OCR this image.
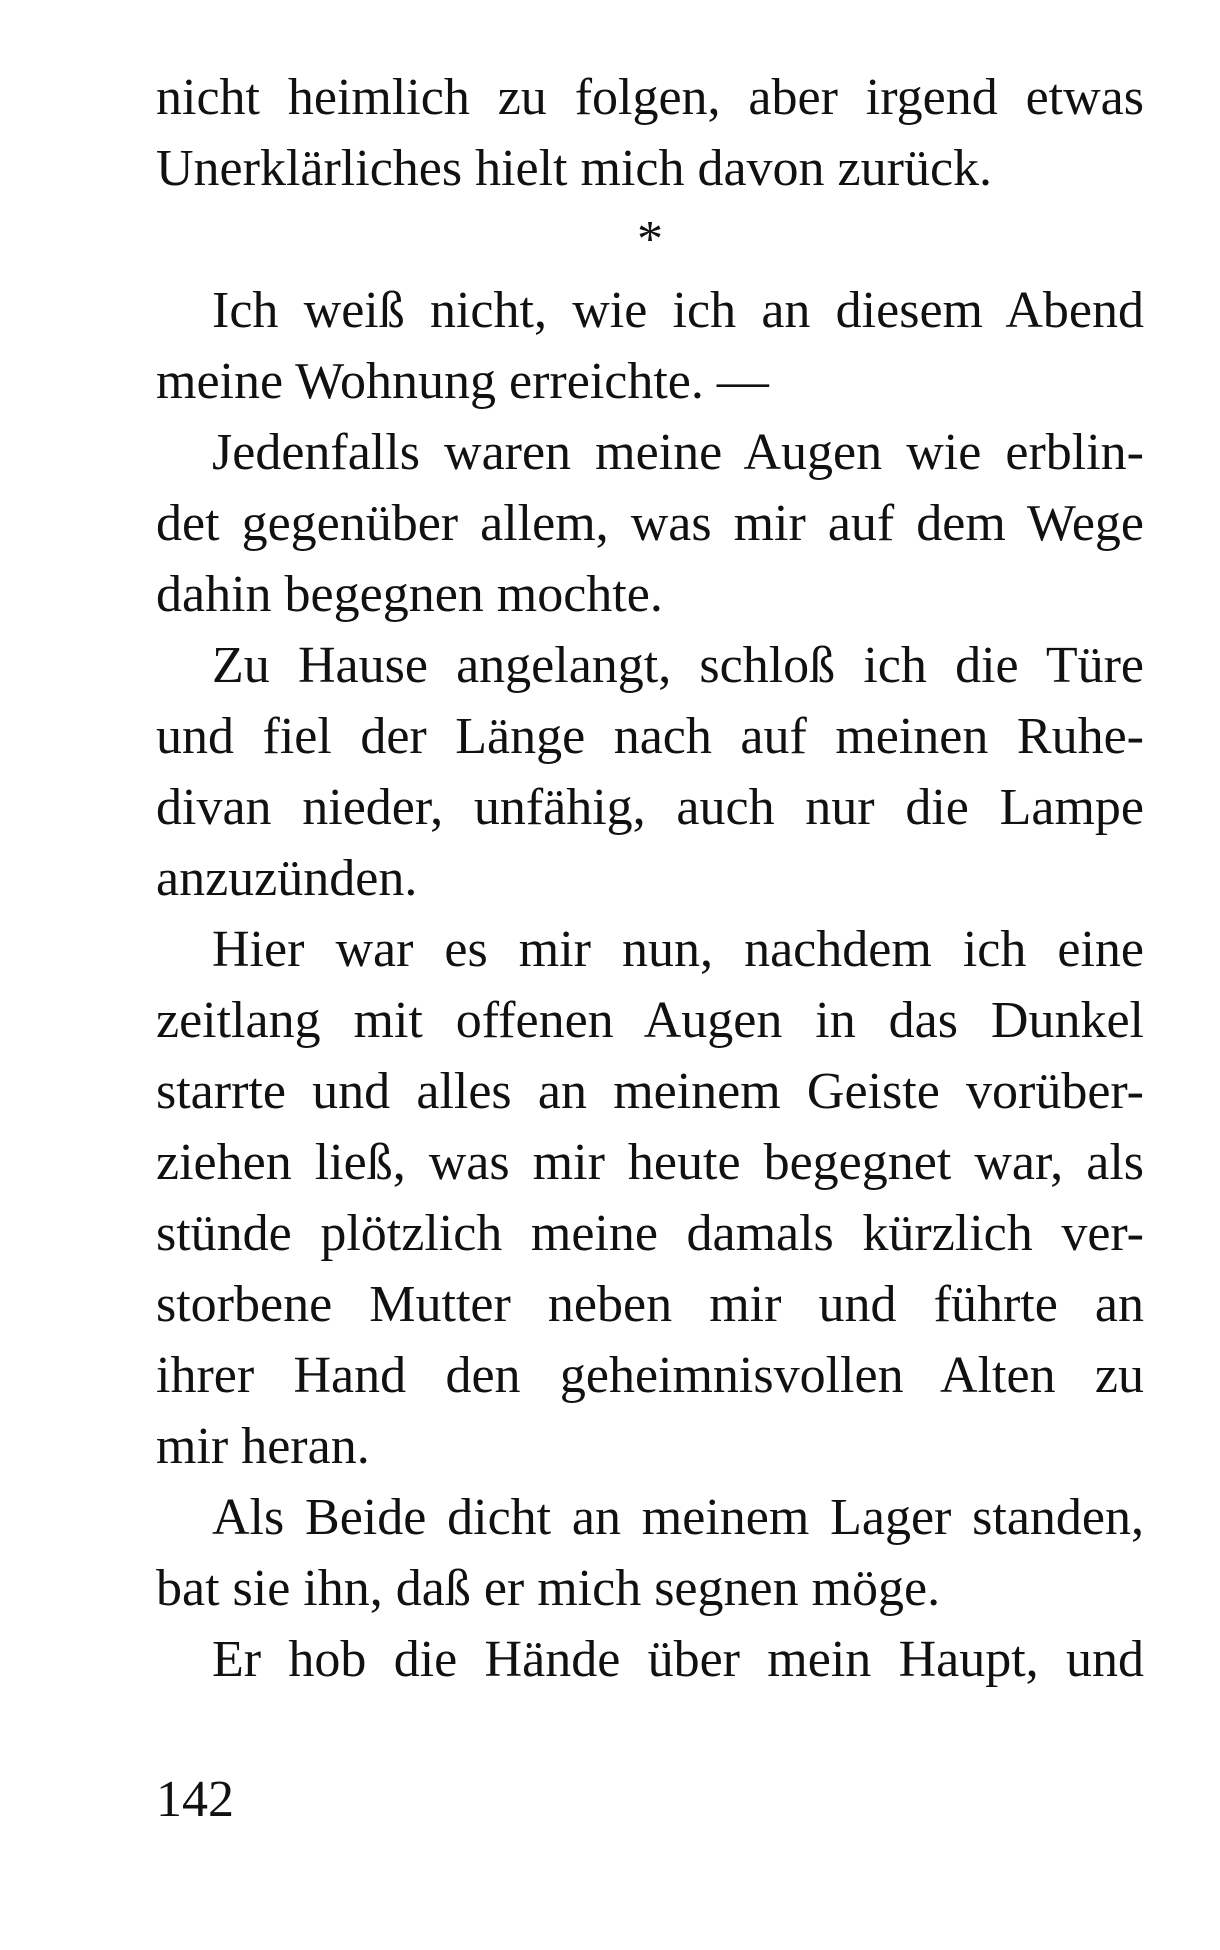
nicht heimlich zu folgen, aber irgend etwas
Unerklärliches hielt mich davon zurück.
*
Ich weiß nicht, wie ich an diesem Abend
meine Wohnung erreichte. —
Jedenfalls waren meine Augen wie erblin-
det gegenüber allem, was mir auf dem Wege
dahin begegnen mochte.
Zu Hause angelangt, schloß ich die Türe
und fiel der Länge nach auf meinen Ruhe-
divan nieder, unfähig, auch nur die Lampe
anzuzünden.
Hier war es mir nun, nachdem ich eine
zeitlang mit offenen Augen in das Dunkel
starrte und alles an meinem Geiste vorüber-
ziehen ließ, was mir heute begegnet war, als
stünde plötzlich meine damals kürzlich ver-
storbene Mutter neben mir und führte an
ihrer Hand den geheimnisvollen Alten zu
mir heran.
Als Beide dicht an meinem Lager standen,
bat sie ihn, daß er mich segnen möge.
Er hob die Hände über mein Haupt, und
142
